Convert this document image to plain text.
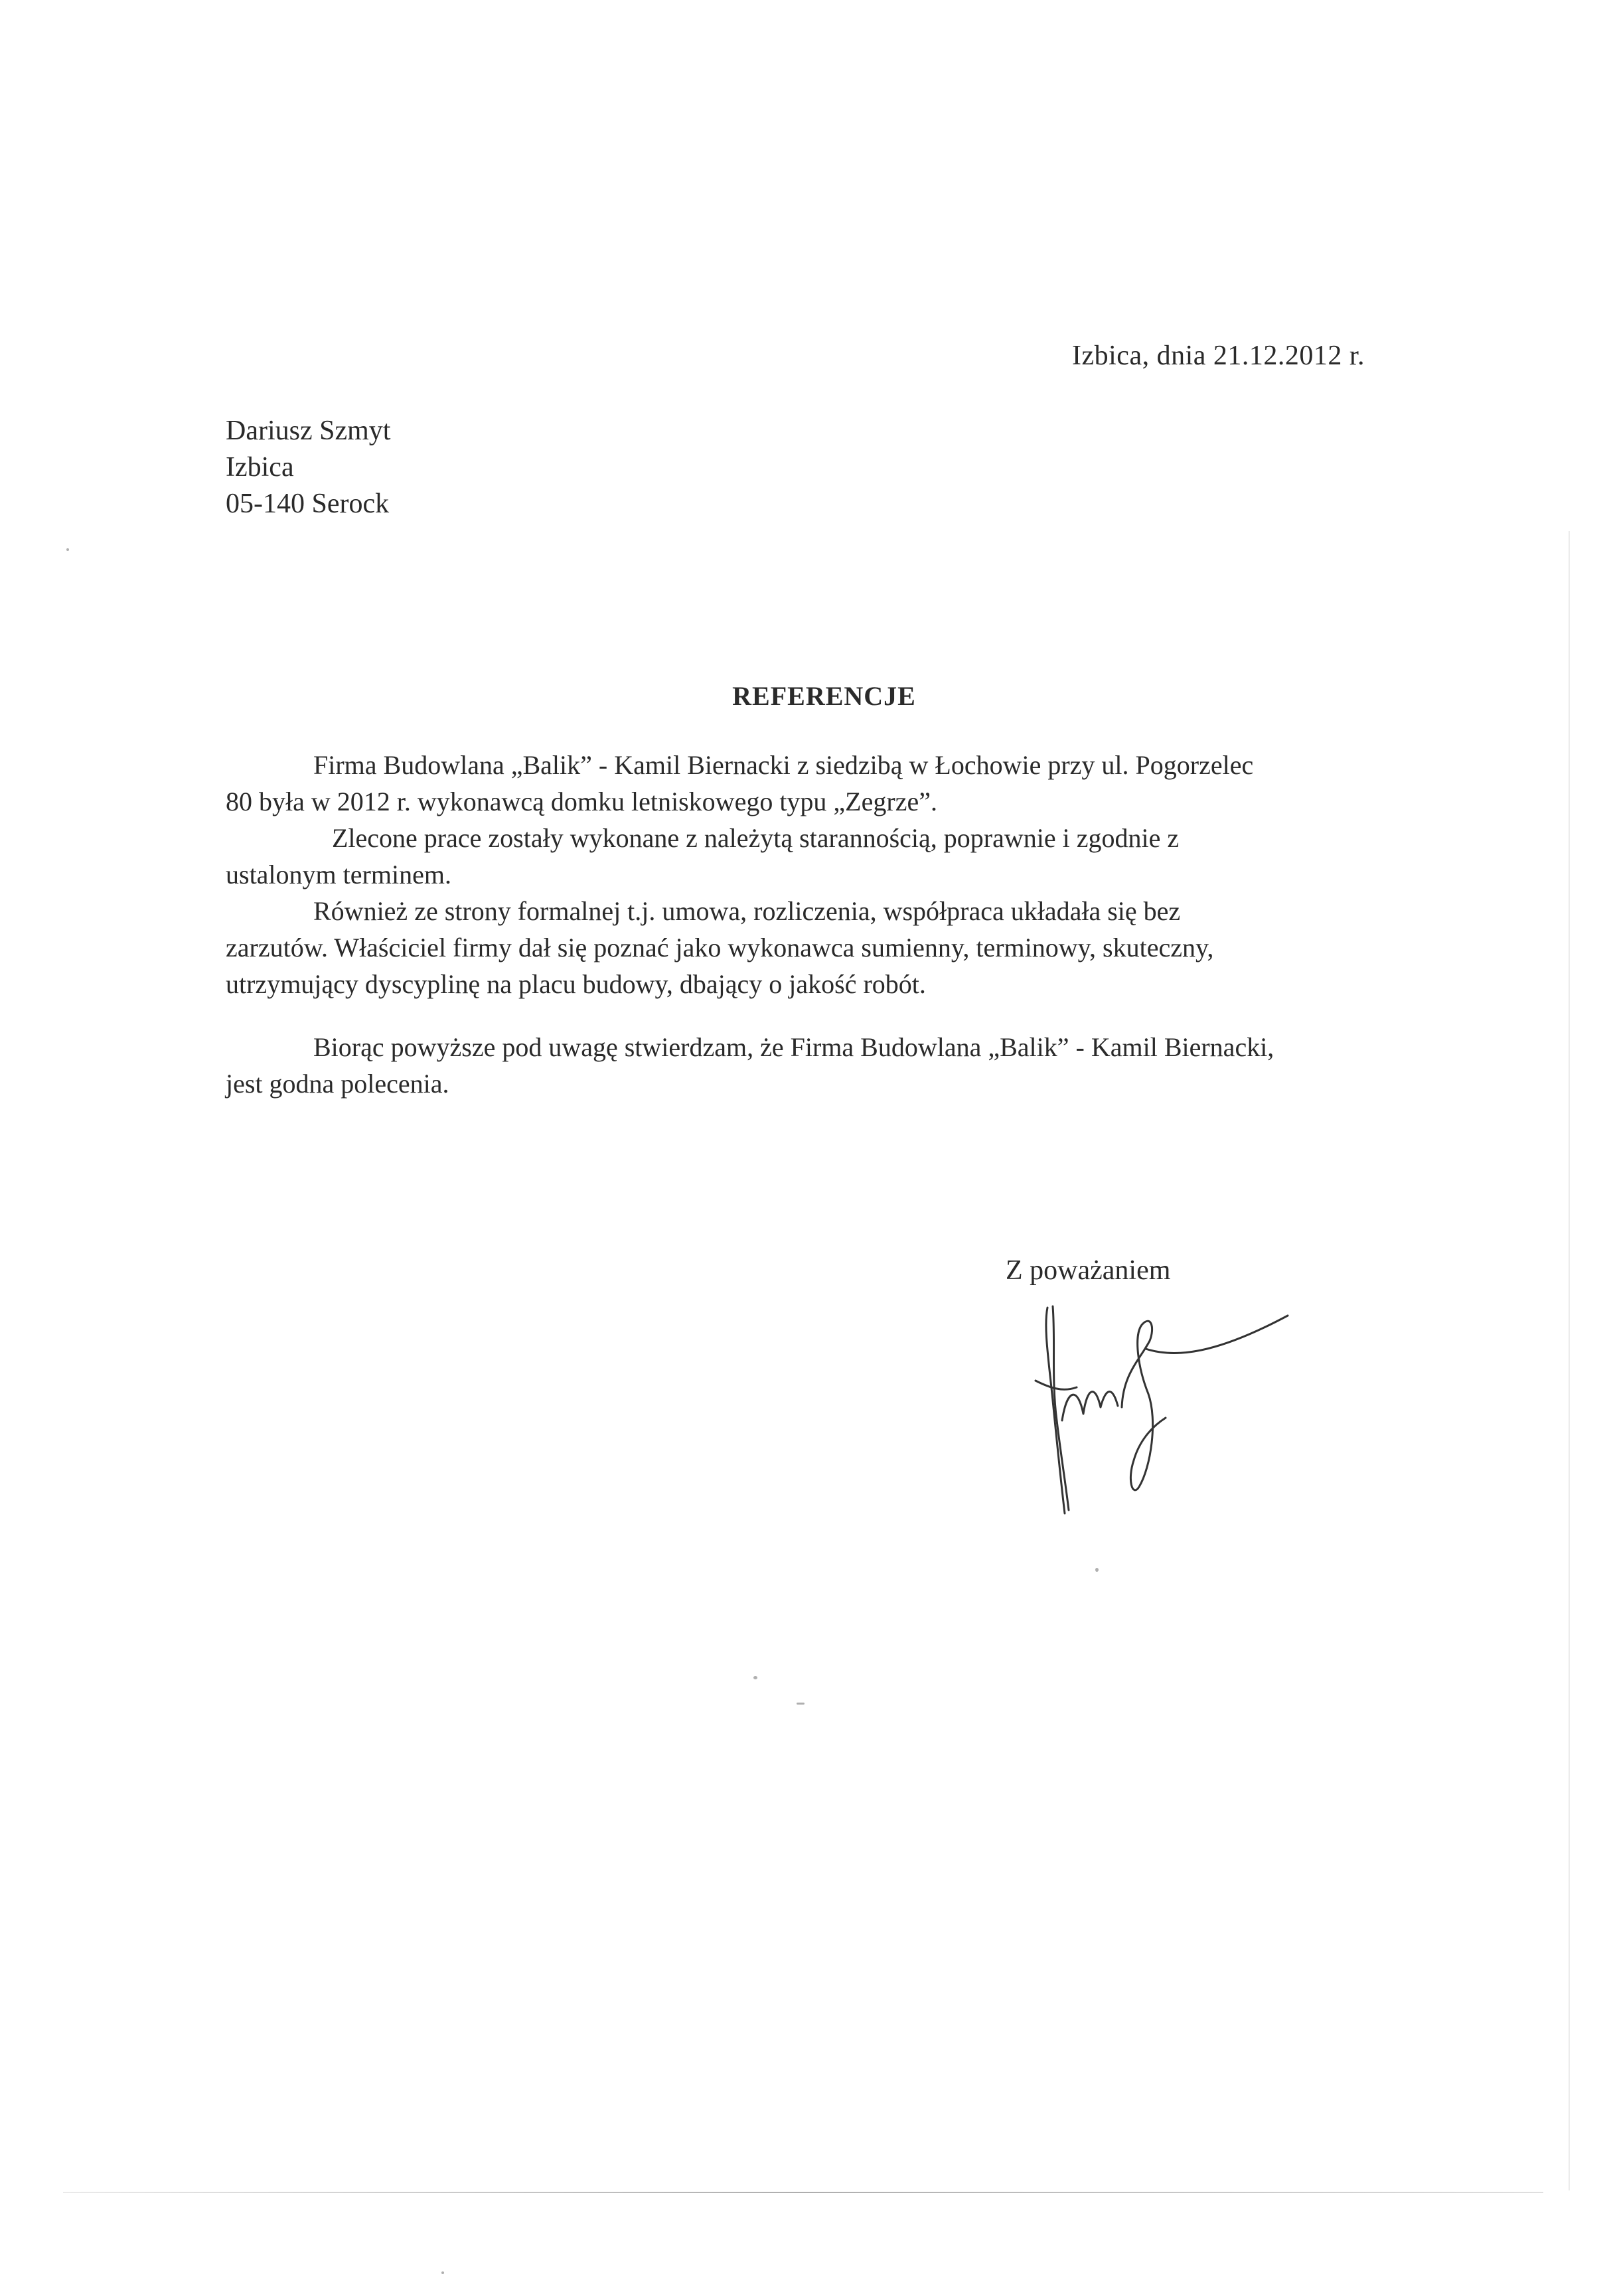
Izbica, dnia 21.12.2012 r.
Dariusz Szmyt
Izbica
05-140 Serock
REFERENCJE
Firma Budowlana „Balik” - Kamil Biernacki z siedzibą w Łochowie przy ul. Pogorzelec
80 była w 2012 r. wykonawcą domku letniskowego typu „Zegrze”.
Zlecone prace zostały wykonane z należytą starannością, poprawnie i zgodnie z
ustalonym terminem.
Również ze strony formalnej t.j. umowa, rozliczenia, współpraca układała się bez
zarzutów. Właściciel firmy dał się poznać jako wykonawca sumienny, terminowy, skuteczny,
utrzymujący dyscyplinę na placu budowy, dbający o jakość robót.
Biorąc powyższe pod uwagę stwierdzam, że Firma Budowlana „Balik” - Kamil Biernacki,
jest godna polecenia.
Z poważaniem
